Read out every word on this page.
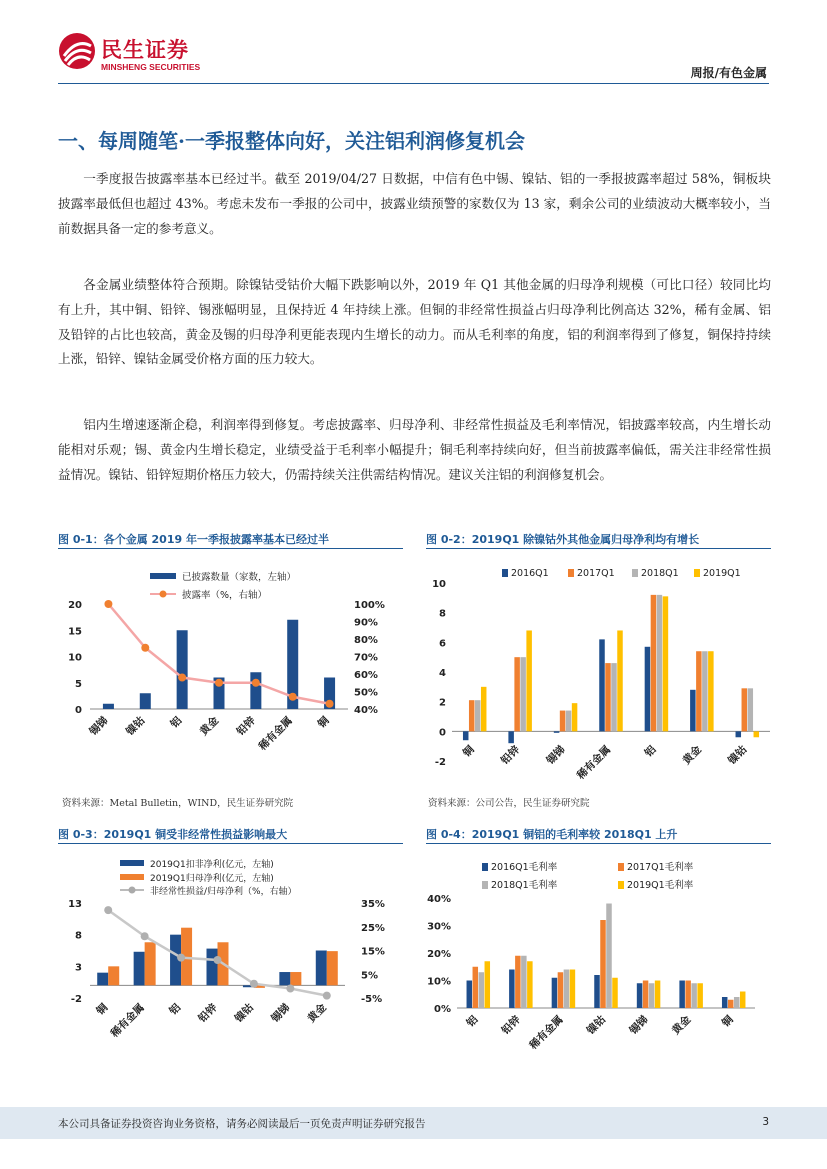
民生证券
MINSHENG SECURITIES	周报/有色金属
一、每周随笔·一季报整体向好，关注铝利润修复机会

一季度报告披露率基本已经过半。截至 2019/04/27 日数据，中信有色中锡、镍钴、铝的一季报披露率超过 58%，铜板块披露率最低但也超过 43%。考虑未发布一季报的公司中，披露业绩预警的家数仅为 13 家，剩余公司的业绩波动大概率较小，当前数据具备一定的参考意义。

各金属业绩整体符合预期。除镍钴受钴价大幅下跌影响以外，2019 年 Q1 其他金属的归母净利规模（可比口径）较同比均有上升，其中铜、铅锌、锡涨幅明显，且保持近 4 年持续上涨。但铜的非经常性损益占归母净利比例高达 32%，稀有金属、铝及铅锌的占比也较高，黄金及锡的归母净利更能表现内生增长的动力。而从毛利率的角度，铝的利润率得到了修复，铜保持持续上涨，铅锌、镍钴金属受价格方面的压力较大。

铝内生增速逐渐企稳，利润率得到修复。考虑披露率、归母净利、非经常性损益及毛利率情况，铝披露率较高，内生增长动能相对乐观；锡、黄金内生增长稳定，业绩受益于毛利率小幅提升；铜毛利率持续向好，但当前披露率偏低，需关注非经常性损益情况。镍钴、铅锌短期价格压力较大，仍需持续关注供需结构情况。建议关注铝的利润修复机会。

图 0-1：各个金属 2019 年一季报披露率基本已经过半	图 0-2：2019Q1 除镍钴外其他金属归母净利均有增长
资料来源：Metal Bulletin，WIND，民生证券研究院	资料来源：公司公告，民生证券研究院
图 0-3：2019Q1 铜受非经常性损益影响最大	图 0-4：2019Q1 铜铝的毛利率较 2018Q1 上升
已披露数量（家数，左轴）
披露率（%，右轴）
0
5
10
15
20
40%
50%
60%
70%
80%
90%
100%
锡锑 镍钴 铝 黄金 铅锌
稀有金属 铜
2016Q1	2017Q1	2018Q1	2019Q1
-2
0
2
4
6
8
10
铜 铅锌 锡锑 稀有金属	铝 黄金 镍钴
2019Q1扣非净利(亿元，左轴)
2019Q1归母净利(亿元，左轴)
非经常性损益/归母净利（%，右轴）
-2
3
8
13
-5%
5%
15%
25%
35%
铜
稀有金属 铝 铅锌 镍钴 锡锑 黄金
2016Q1毛利率	2017Q1毛利率
2018Q1毛利率	2019Q1毛利率
0%
10%
20%
30%
40%
铝 铅锌 稀有金属 镍钴 锡锑 黄金	铜
本公司具备证券投资咨询业务资格，请务必阅读最后一页免责声明证券研究报告	3
